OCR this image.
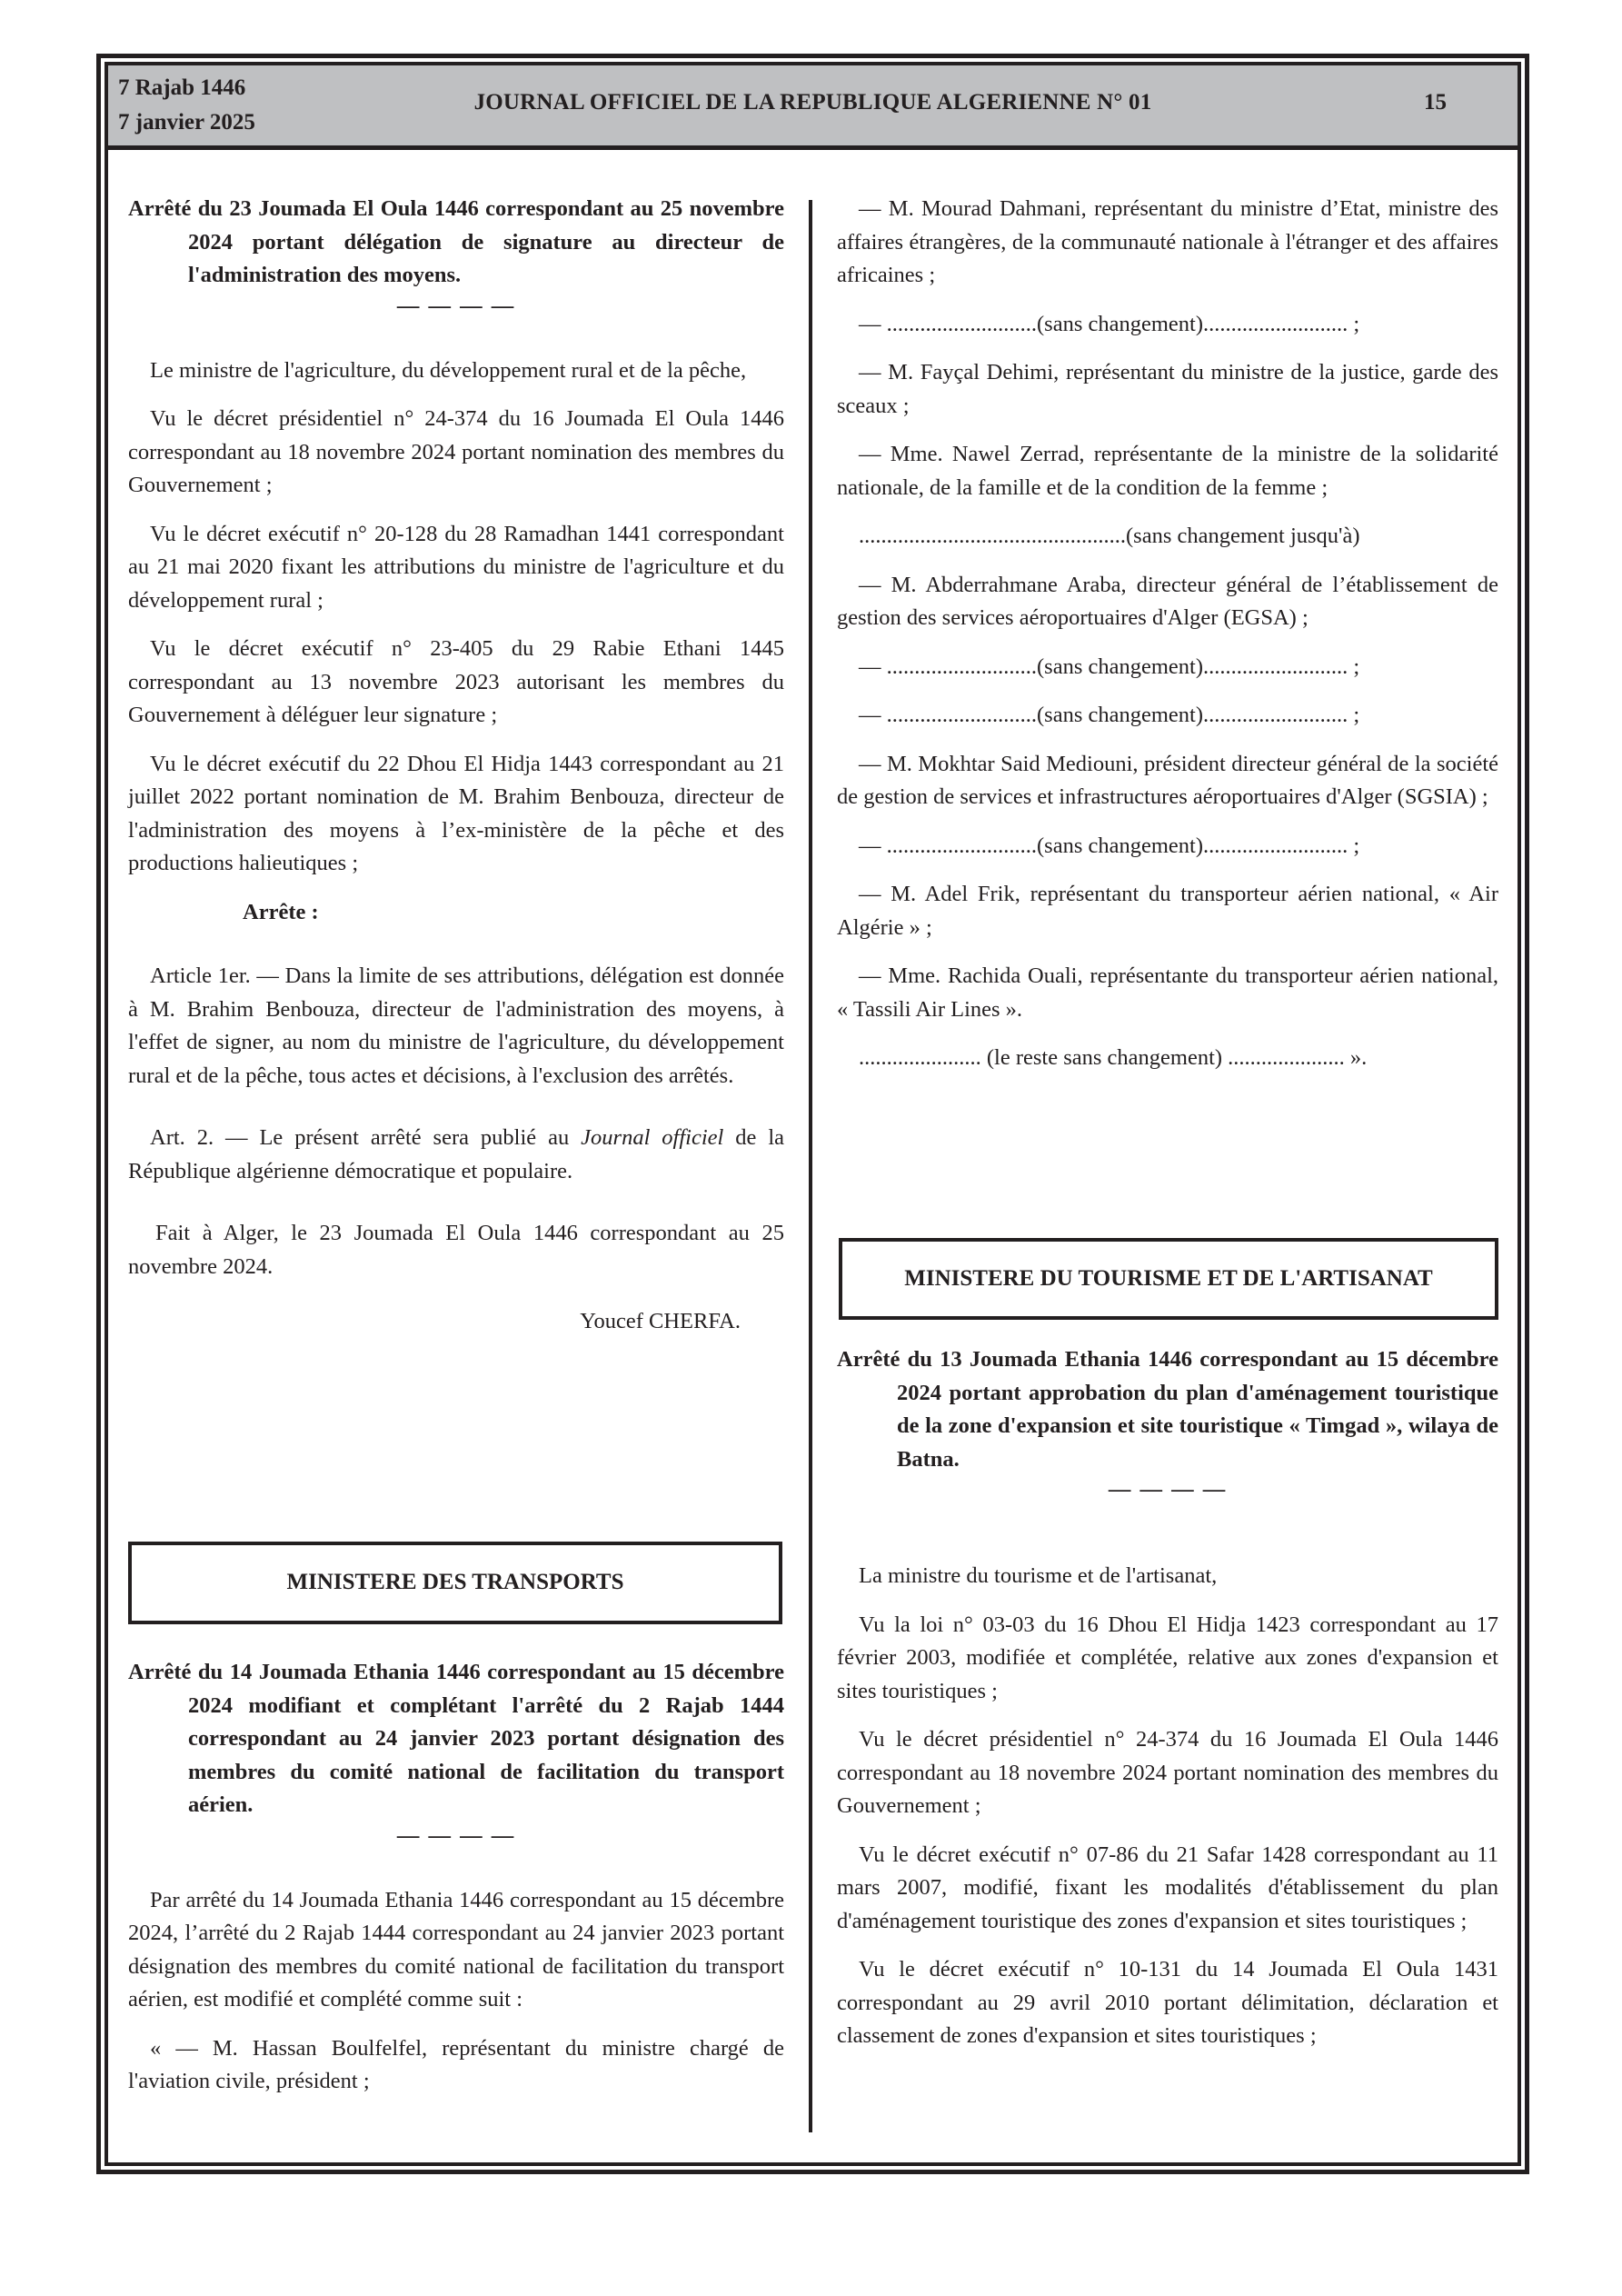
7 Rajab 1446
7 janvier 2025
JOURNAL OFFICIEL DE LA REPUBLIQUE ALGERIENNE N° 01	15

Arrêté du 23 Joumada El Oula 1446 correspondant au 25 novembre 2024 portant délégation de signature au directeur de l'administration des moyens.

— — — —

Le ministre de l'agriculture, du développement rural et de la pêche,

Vu le décret présidentiel n° 24-374 du 16 Joumada El Oula 1446 correspondant au 18 novembre 2024 portant nomination des membres du Gouvernement ;

Vu le décret exécutif n° 20-128 du 28 Ramadhan 1441 correspondant au 21 mai 2020 fixant les attributions du ministre de l'agriculture et du développement rural ;

Vu le décret exécutif n° 23-405 du 29 Rabie Ethani 1445 correspondant au 13 novembre 2023 autorisant les membres du Gouvernement à déléguer leur signature ;

Vu le décret exécutif du 22 Dhou El Hidja 1443 correspondant au 21 juillet 2022 portant nomination de M. Brahim Benbouza, directeur de l'administration des moyens à l’ex-ministère de la pêche et des productions halieutiques ;

Arrête :

Article 1er. — Dans la limite de ses attributions, délégation est donnée à M. Brahim Benbouza, directeur de l'administration des moyens, à l'effet de signer, au nom du ministre de l'agriculture, du développement rural et de la pêche, tous actes et décisions, à l'exclusion des arrêtés.

Art. 2. — Le présent arrêté sera publié au Journal officiel de la République algérienne démocratique et populaire.

Fait à Alger, le 23 Joumada El Oula 1446 correspondant au 25 novembre 2024.

Youcef CHERFA.

MINISTERE DES TRANSPORTS

Arrêté du 14 Joumada Ethania 1446 correspondant au 15 décembre 2024 modifiant et complétant l'arrêté du 2 Rajab 1444 correspondant au 24 janvier 2023 portant désignation des membres du comité national de facilitation du transport aérien.

— — — —

Par arrêté du 14 Joumada Ethania 1446 correspondant au 15 décembre 2024, l’arrêté du 2 Rajab 1444 correspondant au 24 janvier 2023 portant désignation des membres du comité national de facilitation du transport aérien, est modifié et complété comme suit :

« — M. Hassan Boulfelfel, représentant du ministre chargé de l'aviation civile, président ;

— M. Mourad Dahmani, représentant du ministre d’Etat, ministre des affaires étrangères, de la communauté nationale à l'étranger et des affaires africaines ;

— ...........................(sans changement).......................... ;

— M. Fayçal Dehimi, représentant du ministre de la justice, garde des sceaux ;

— Mme. Nawel Zerrad, représentante de la ministre de la solidarité nationale, de la famille et de la condition de la femme ;

................................................(sans changement jusqu'à)

— M. Abderrahmane Araba, directeur général de l’établissement de gestion des services aéroportuaires d'Alger (EGSA) ;

— ...........................(sans changement).......................... ;

— ...........................(sans changement).......................... ;

— M. Mokhtar Said Mediouni, président directeur général de la société de gestion de services et infrastructures aéroportuaires d'Alger (SGSIA) ;

— ...........................(sans changement).......................... ;

— M. Adel Frik, représentant du transporteur aérien national, « Air Algérie » ;

— Mme. Rachida Ouali, représentante du transporteur aérien national, « Tassili Air Lines ».

...................... (le reste sans changement) ..................... ».

MINISTERE DU TOURISME ET DE L'ARTISANAT

Arrêté du 13 Joumada Ethania 1446 correspondant au 15 décembre 2024 portant approbation du plan d'aménagement touristique de la zone d'expansion et site touristique « Timgad », wilaya de Batna.

— — — —

La ministre du tourisme et de l'artisanat,

Vu la loi n° 03-03 du 16 Dhou El Hidja 1423 correspondant au 17 février 2003, modifiée et complétée, relative aux zones d'expansion et sites touristiques ;

Vu le décret présidentiel n° 24-374 du 16 Joumada El Oula 1446 correspondant au 18 novembre 2024 portant nomination des membres du Gouvernement ;

Vu le décret exécutif n° 07-86 du 21 Safar 1428 correspondant au 11 mars 2007, modifié, fixant les modalités d'établissement du plan d'aménagement touristique des zones d'expansion et sites touristiques ;

Vu le décret exécutif n° 10-131 du 14 Joumada El Oula 1431 correspondant au 29 avril 2010 portant délimitation, déclaration et classement de zones d'expansion et sites touristiques ;
